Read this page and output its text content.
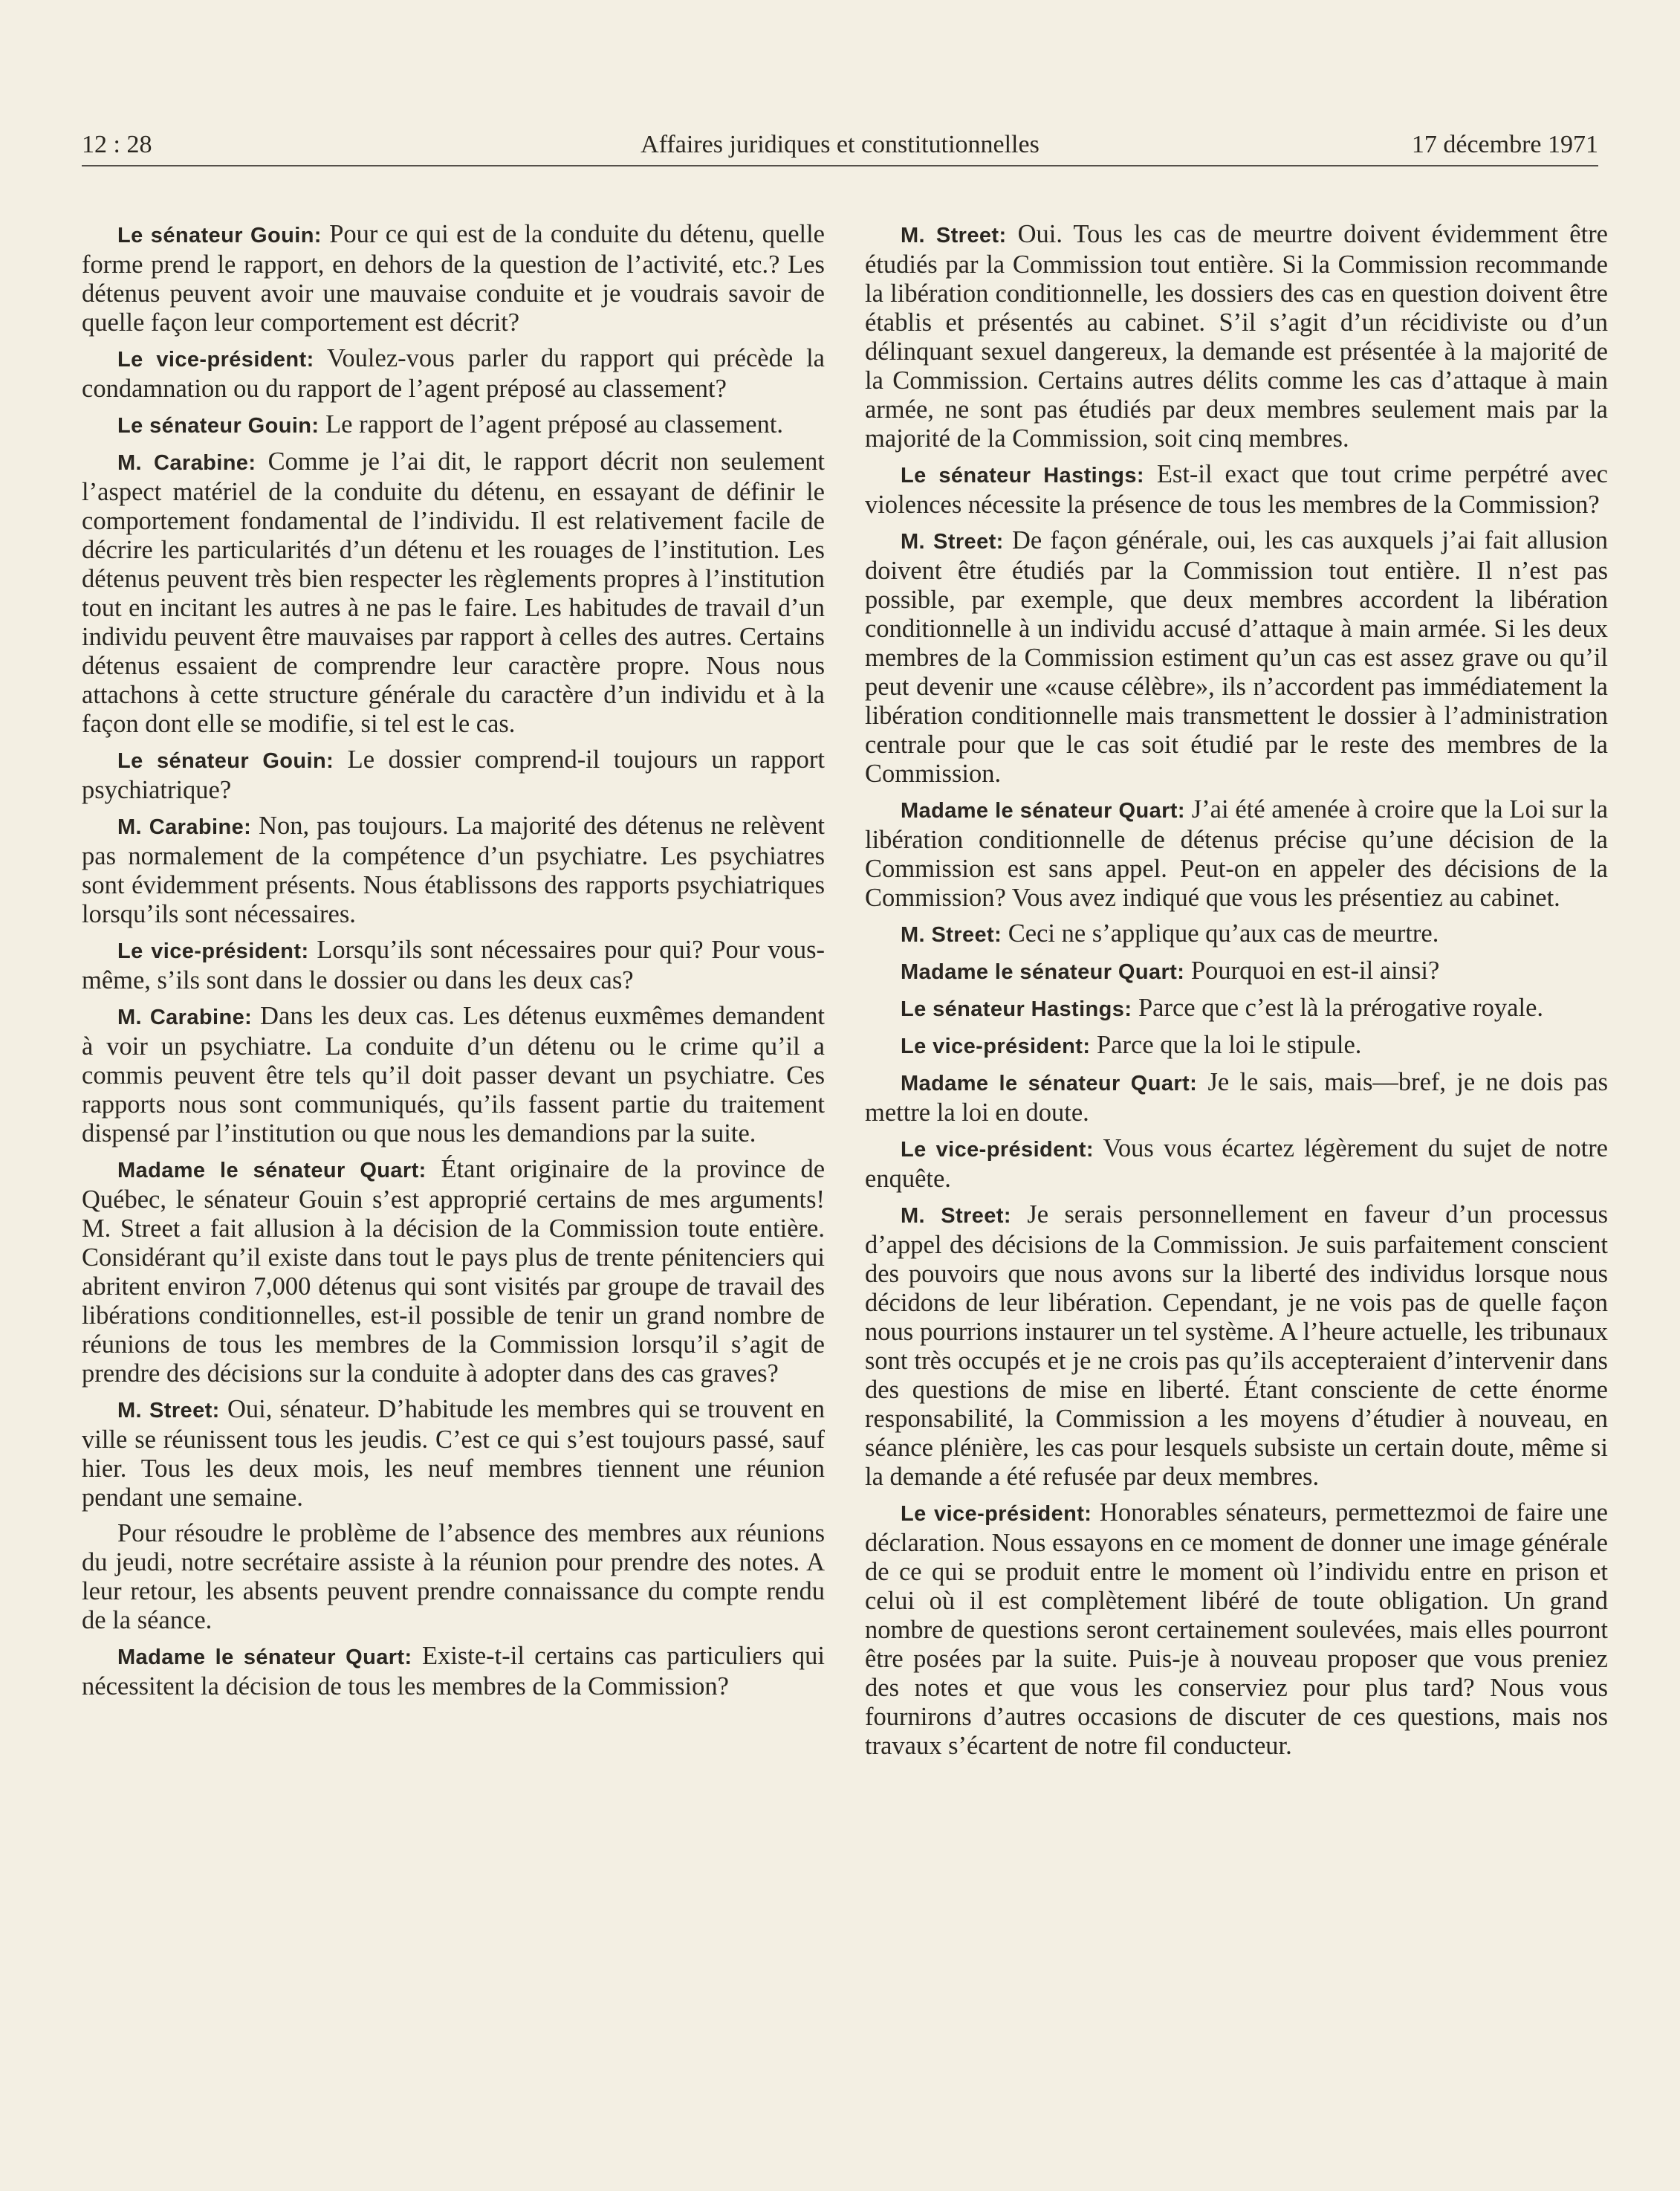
12 : 28	Affaires juridiques et constitutionnelles	17 décembre 1971

Le sénateur Gouin: Pour ce qui est de la conduite du détenu, quelle forme prend le rapport, en dehors de la question de l’activité, etc.? Les détenus peuvent avoir une mauvaise conduite et je voudrais savoir de quelle façon leur comportement est décrit?

Le vice-président: Voulez-vous parler du rapport qui précède la condamnation ou du rapport de l’agent préposé au classement?

Le sénateur Gouin: Le rapport de l’agent préposé au classement.

M. Carabine: Comme je l’ai dit, le rapport décrit non seulement l’aspect matériel de la conduite du détenu, en essayant de définir le comportement fondamental de l’individu. Il est relativement facile de décrire les particularités d’un détenu et les rouages de l’institution. Les détenus peuvent très bien respecter les règlements propres à l’institution tout en incitant les autres à ne pas le faire. Les habitudes de travail d’un individu peuvent être mauvaises par rapport à celles des autres. Certains détenus essaient de comprendre leur caractère propre. Nous nous attachons à cette structure générale du caractère d’un individu et à la façon dont elle se modifie, si tel est le cas.

Le sénateur Gouin: Le dossier comprend-il toujours un rapport psychiatrique?

M. Carabine: Non, pas toujours. La majorité des détenus ne relèvent pas normalement de la compétence d’un psychiatre. Les psychiatres sont évidemment présents. Nous établissons des rapports psychiatriques lorsqu’ils sont nécessaires.

Le vice-président: Lorsqu’ils sont nécessaires pour qui? Pour vous-même, s’ils sont dans le dossier ou dans les deux cas?

M. Carabine: Dans les deux cas. Les détenus euxmêmes demandent à voir un psychiatre. La conduite d’un détenu ou le crime qu’il a commis peuvent être tels qu’il doit passer devant un psychiatre. Ces rapports nous sont communiqués, qu’ils fassent partie du traitement dispensé par l’institution ou que nous les demandions par la suite.

Madame le sénateur Quart: Étant originaire de la province de Québec, le sénateur Gouin s’est approprié certains de mes arguments! M. Street a fait allusion à la décision de la Commission toute entière. Considérant qu’il existe dans tout le pays plus de trente pénitenciers qui abritent environ 7,000 détenus qui sont visités par groupe de travail des libérations conditionnelles, est-il possible de tenir un grand nombre de réunions de tous les membres de la Commission lorsqu’il s’agit de prendre des décisions sur la conduite à adopter dans des cas graves?

M. Street: Oui, sénateur. D’habitude les membres qui se trouvent en ville se réunissent tous les jeudis. C’est ce qui s’est toujours passé, sauf hier. Tous les deux mois, les neuf membres tiennent une réunion pendant une semaine.

Pour résoudre le problème de l’absence des membres aux réunions du jeudi, notre secrétaire assiste à la réunion pour prendre des notes. A leur retour, les absents peuvent prendre connaissance du compte rendu de la séance.

Madame le sénateur Quart: Existe-t-il certains cas particuliers qui nécessitent la décision de tous les membres de la Commission?

M. Street: Oui. Tous les cas de meurtre doivent évidemment être étudiés par la Commission tout entière. Si la Commission recommande la libération conditionnelle, les dossiers des cas en question doivent être établis et présentés au cabinet. S’il s’agit d’un récidiviste ou d’un délinquant sexuel dangereux, la demande est présentée à la majorité de la Commission. Certains autres délits comme les cas d’attaque à main armée, ne sont pas étudiés par deux membres seulement mais par la majorité de la Commission, soit cinq membres.

Le sénateur Hastings: Est-il exact que tout crime perpétré avec violences nécessite la présence de tous les membres de la Commission?

M. Street: De façon générale, oui, les cas auxquels j’ai fait allusion doivent être étudiés par la Commission tout entière. Il n’est pas possible, par exemple, que deux membres accordent la libération conditionnelle à un individu accusé d’attaque à main armée. Si les deux membres de la Commission estiment qu’un cas est assez grave ou qu’il peut devenir une «cause célèbre», ils n’accordent pas immédiatement la libération conditionnelle mais transmettent le dossier à l’administration centrale pour que le cas soit étudié par le reste des membres de la Commission.

Madame le sénateur Quart: J’ai été amenée à croire que la Loi sur la libération conditionnelle de détenus précise qu’une décision de la Commission est sans appel. Peut-on en appeler des décisions de la Commission? Vous avez indiqué que vous les présentiez au cabinet.

M. Street: Ceci ne s’applique qu’aux cas de meurtre.

Madame le sénateur Quart: Pourquoi en est-il ainsi?

Le sénateur Hastings: Parce que c’est là la prérogative royale.

Le vice-président: Parce que la loi le stipule.

Madame le sénateur Quart: Je le sais, mais—bref, je ne dois pas mettre la loi en doute.

Le vice-président: Vous vous écartez légèrement du sujet de notre enquête.

M. Street: Je serais personnellement en faveur d’un processus d’appel des décisions de la Commission. Je suis parfaitement conscient des pouvoirs que nous avons sur la liberté des individus lorsque nous décidons de leur libération. Cependant, je ne vois pas de quelle façon nous pourrions instaurer un tel système. A l’heure actuelle, les tribunaux sont très occupés et je ne crois pas qu’ils accepteraient d’intervenir dans des questions de mise en liberté. Étant consciente de cette énorme responsabilité, la Commission a les moyens d’étudier à nouveau, en séance plénière, les cas pour lesquels subsiste un certain doute, même si la demande a été refusée par deux membres.

Le vice-président: Honorables sénateurs, permettezmoi de faire une déclaration. Nous essayons en ce moment de donner une image générale de ce qui se produit entre le moment où l’individu entre en prison et celui où il est complètement libéré de toute obligation. Un grand nombre de questions seront certainement soulevées, mais elles pourront être posées par la suite. Puis-je à nouveau proposer que vous preniez des notes et que vous les conserviez pour plus tard? Nous vous fournirons d’autres occasions de discuter de ces questions, mais nos travaux s’écartent de notre fil conducteur.
